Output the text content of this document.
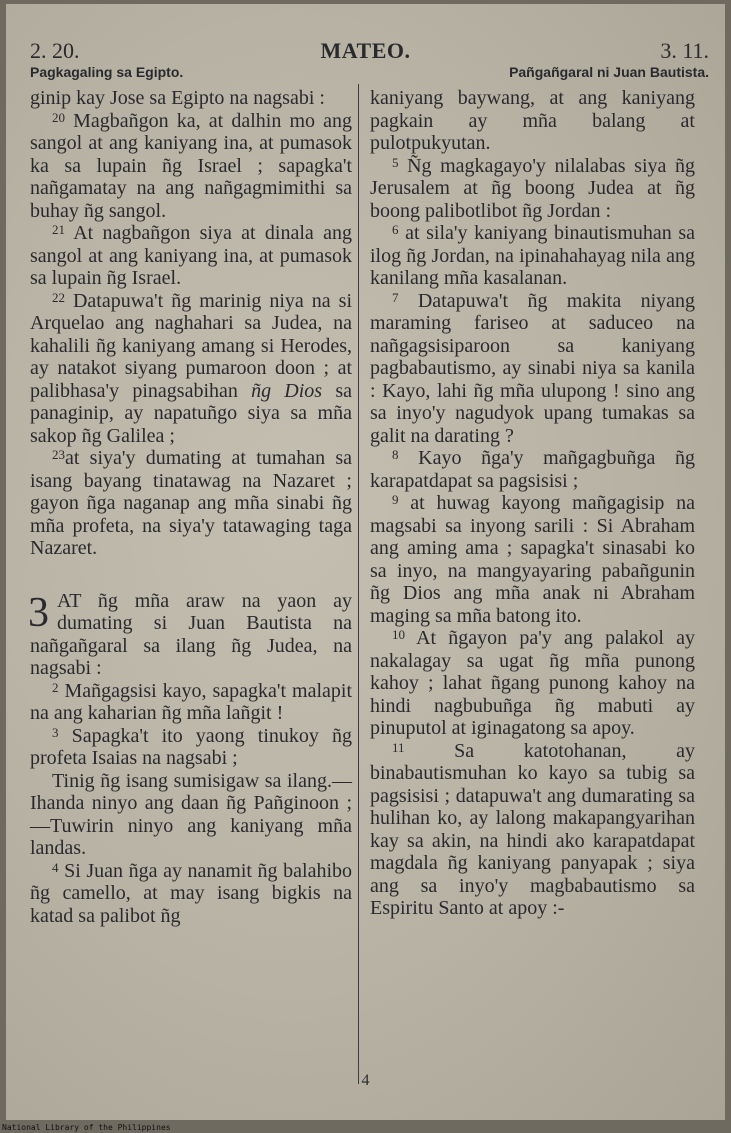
2. 20.	MATEO.	3. 11.
Pagkagaling sa Egipto.	Pañgañgaral ni Juan Bautista.

ginip kay Jose sa Egipto na nagsabi :

$^{20}$ Magbañgon ka, at dalhin mo ang sangol at ang kaniyang ina, at pumasok ka sa lupain ñg Israel ; sapagka't nañgamatay na ang nañgagmimithi sa buhay ñg sangol.

$^{21}$ At nagbañgon siya at dinala ang sangol at ang kaniyang ina, at pumasok sa lupain ñg Israel.

$^{22}$ Datapuwa't ñg marinig niya na si Arquelao ang naghahari sa Judea, na kahalili ñg kaniyang amang si Herodes, ay natakot siyang pumaroon doon ; at palibhasa'y pinagsabihan ñg Dios sa panaginip, ay napatuñgo siya sa mña sakop ñg Galilea ;

$^{23}$at siya'y dumating at tumahan sa isang bayang tinatawag na Nazaret ; gayon ñga naganap ang mña sinabi ñg mña profeta, na siya'y tatawaging taga Nazaret.

3 AT ñg mña araw na yaon ay dumating si Juan Bautista na nañgañgaral sa ilang ñg Judea, na nagsabi :

$^2$ Mañgagsisi kayo, sapagka't malapit na ang kaharian ñg mña lañgit !

$^3$ Sapagka't ito yaong tinukoy ñg profeta Isaias na nagsabi ;

Tinig ñg isang sumisigaw sa ilang.—Ihanda ninyo ang daan ñg Pañginoon ;—Tuwirin ninyo ang kaniyang mña landas.

$^4$ Si Juan ñga ay nanamit ñg balahibo ñg camello, at may isang bigkis na katad sa palibot ñg

kaniyang baywang, at ang kaniyang pagkain ay mña balang at pulotpukyutan.

$^5$ Ñg magkagayo'y nilalabas siya ñg Jerusalem at ñg boong Judea at ñg boong palibotlibot ñg Jordan :

$^6$ at sila'y kaniyang binautismuhan sa ilog ñg Jordan, na ipinahahayag nila ang kanilang mña kasalanan.

$^7$ Datapuwa't ñg makita niyang maraming fariseo at saduceo na nañgagsisiparoon sa kaniyang pagbabautismo, ay sinabi niya sa kanila : Kayo, lahi ñg mña ulupong ! sino ang sa inyo'y nagudyok upang tumakas sa galit na darating ?

$^8$ Kayo ñga'y mañgagbuñga ñg karapatdapat sa pagsisisi ;

$^9$ at huwag kayong mañgagisip na magsabi sa inyong sarili : Si Abraham ang aming ama ; sapagka't sinasabi ko sa inyo, na mangyayaring pabañgunin ñg Dios ang mña anak ni Abraham maging sa mña batong ito.

$^{10}$ At ñgayon pa'y ang palakol ay nakalagay sa ugat ñg mña punong kahoy ; lahat ñgang punong kahoy na hindi nagbubuñga ñg mabuti ay pinuputol at iginagatong sa apoy.

$^{11}$ Sa katotohanan, ay binabautismuhan ko kayo sa tubig sa pagsisisi ; datapuwa't ang dumarating sa hulihan ko, ay lalong makapangyarihan kay sa akin, na hindi ako karapatdapat magdala ñg kaniyang panyapak ; siya ang sa inyo'y magbabautismo sa Espiritu Santo at apoy :-

4
National Library of the Philippines
